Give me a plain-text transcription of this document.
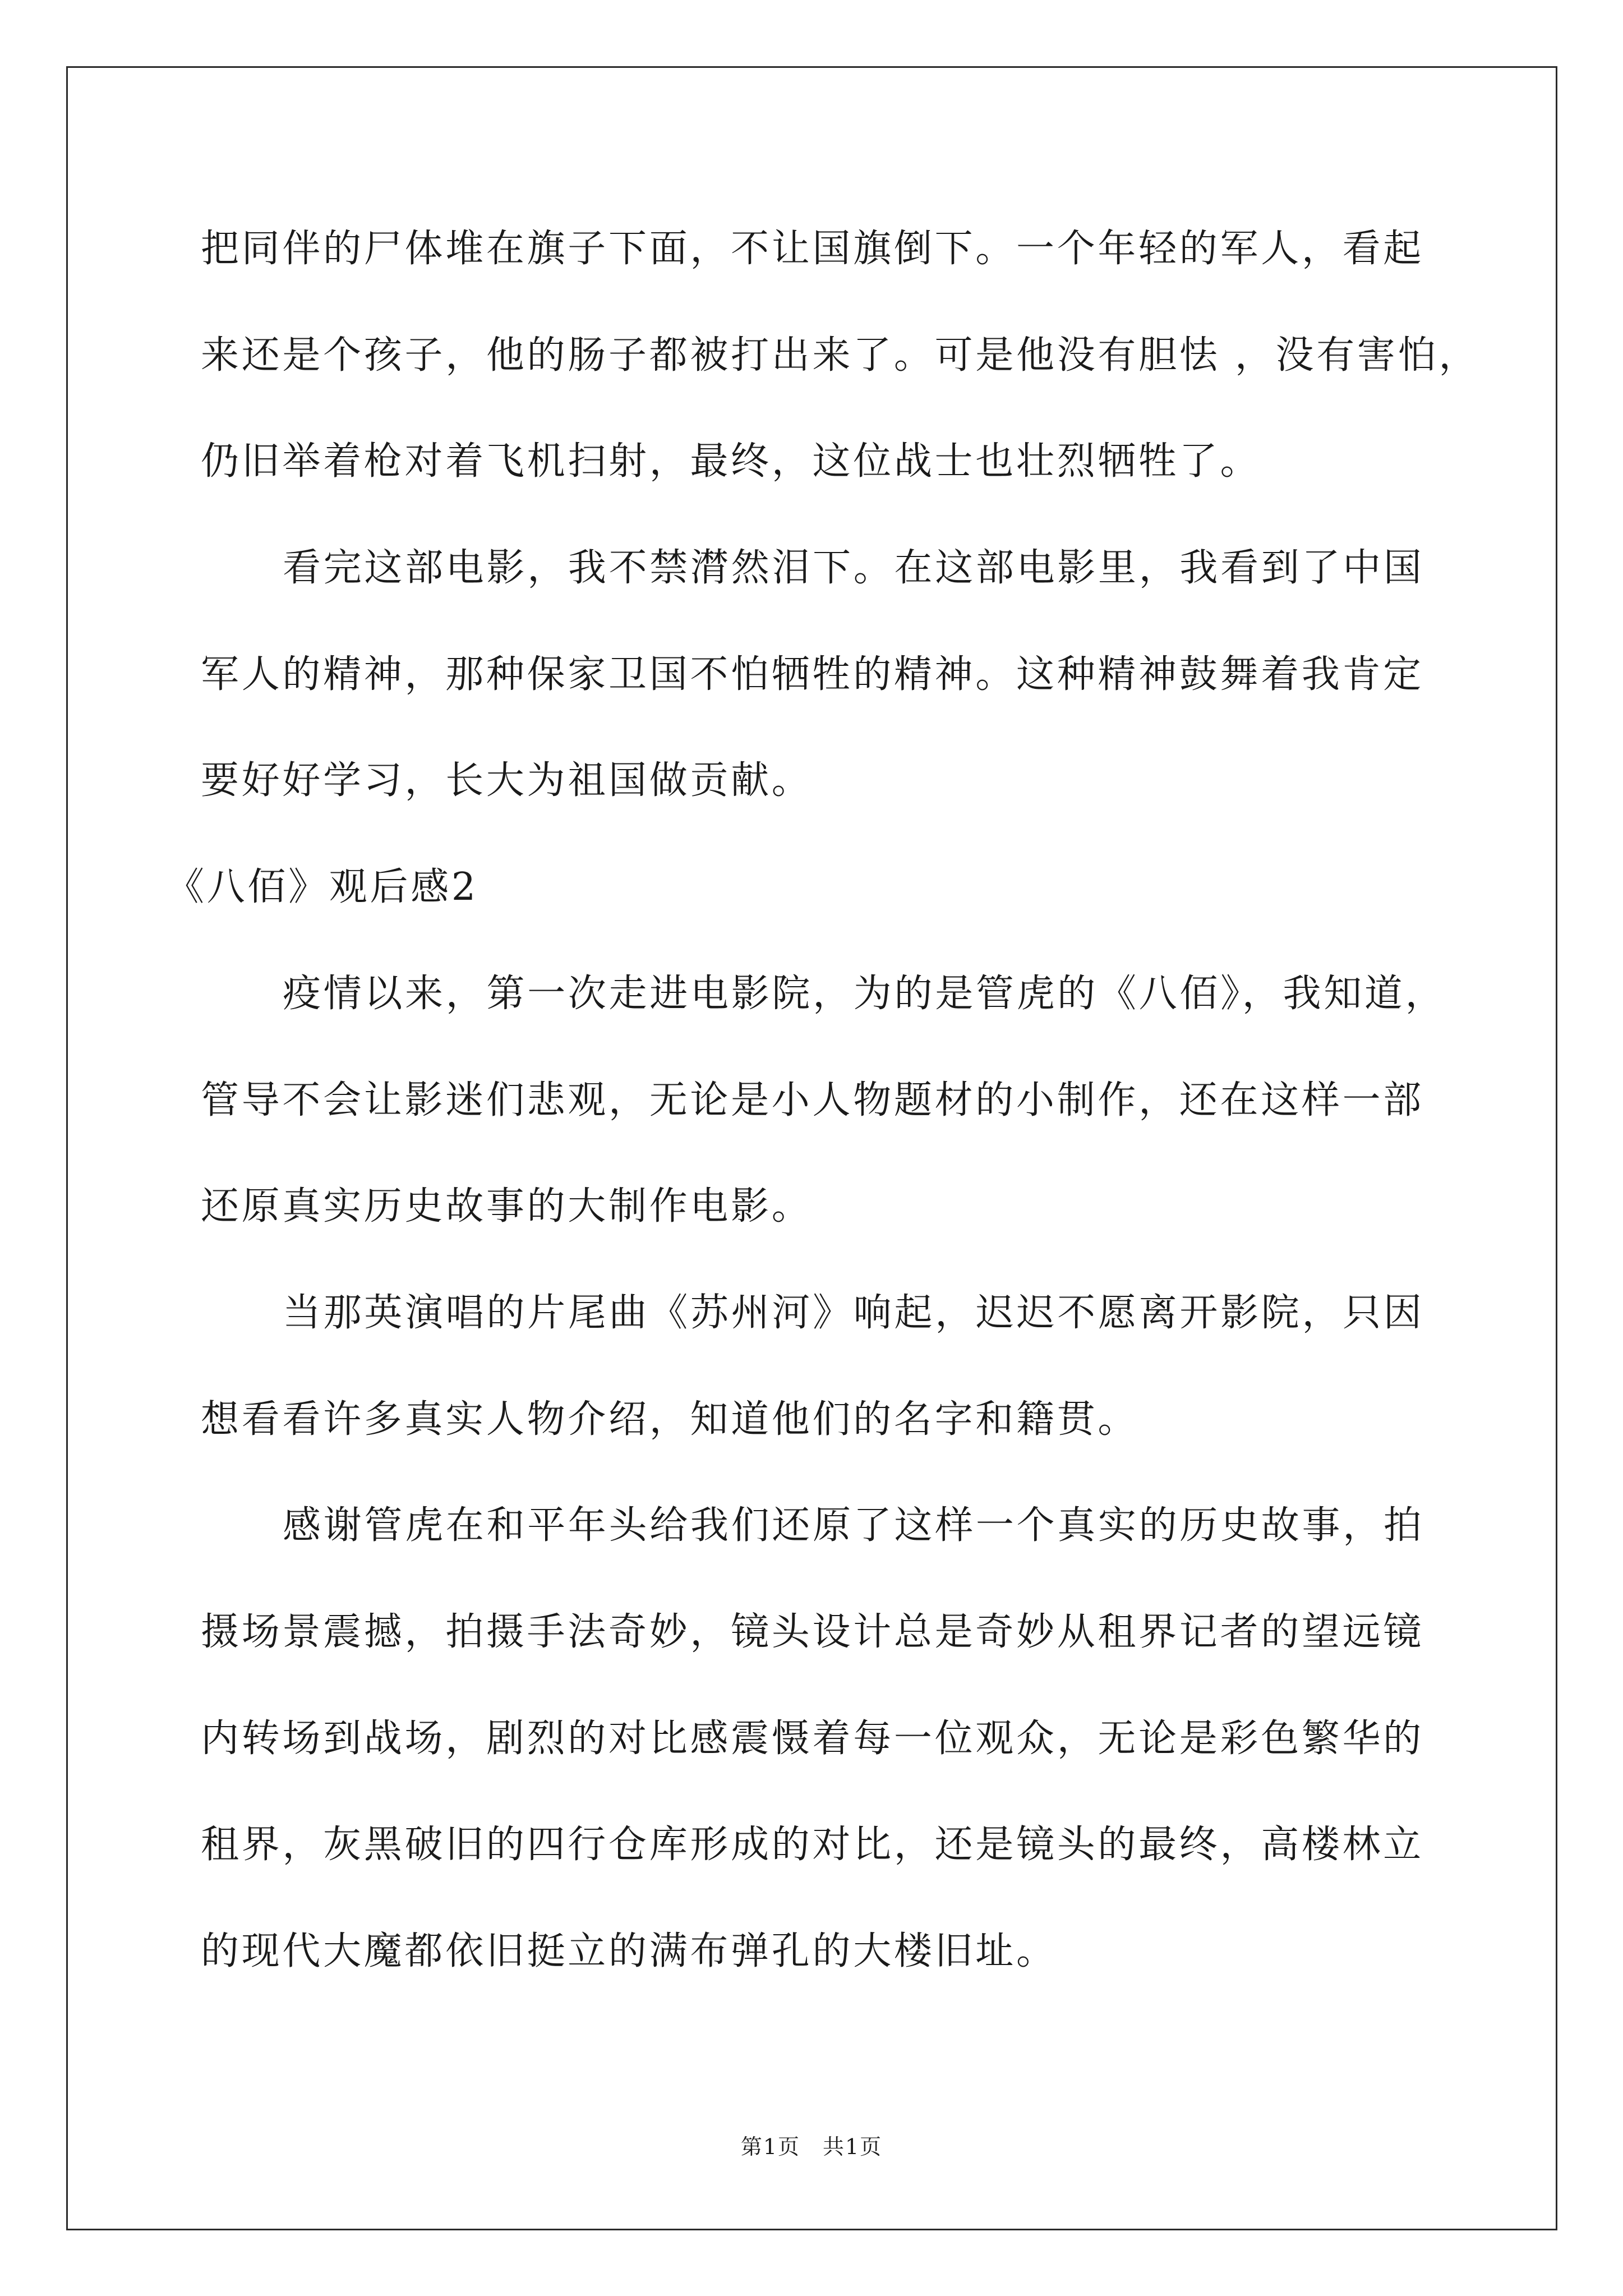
把同伴的尸体堆在旗子下面，不让国旗倒下。一个年轻的军人，看起
来还是个孩子，他的肠子都被打出来了。可是他没有胆怯 ，没有害怕，
仍旧举着枪对着飞机扫射，最终，这位战士也壮烈牺牲了。
看完这部电影，我不禁潸然泪下。在这部电影里，我看到了中国
军人的精神，那种保家卫国不怕牺牲的精神。这种精神鼓舞着我肯定
要好好学习，长大为祖国做贡献。
《八佰》观后感2
疫情以来，第一次走进电影院，为的是管虎的《八佰》，我知道，
管导不会让影迷们悲观，无论是小人物题材的小制作，还在这样一部
还原真实历史故事的大制作电影。
当那英演唱的片尾曲《苏州河》响起，迟迟不愿离开影院，只因
想看看许多真实人物介绍，知道他们的名字和籍贯。
感谢管虎在和平年头给我们还原了这样一个真实的历史故事，拍
摄场景震撼，拍摄手法奇妙，镜头设计总是奇妙从租界记者的望远镜
内转场到战场，剧烈的对比感震慑着每一位观众，无论是彩色繁华的
租界，灰黑破旧的四行仓库形成的对比，还是镜头的最终，高楼林立
的现代大魔都依旧挺立的满布弹孔的大楼旧址。
第1页　共1页
